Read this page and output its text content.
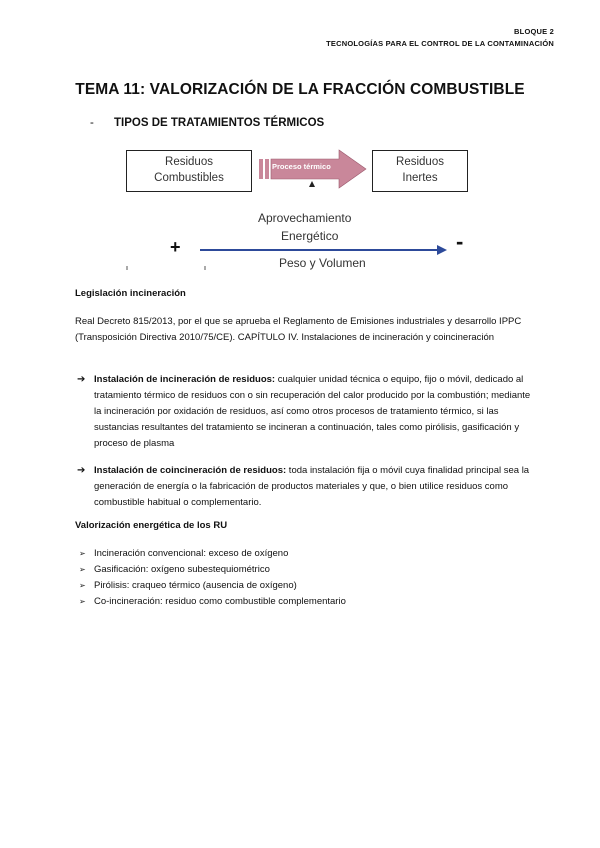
BLOQUE 2
TECNOLOGÍAS PARA EL CONTROL DE LA CONTAMINACIÓN
TEMA 11: VALORIZACIÓN DE LA FRACCIÓN COMBUSTIBLE
- TIPOS DE TRATAMIENTOS TÉRMICOS
Residuos
Combustibles
Proceso térmico	Residuos
Inertes
Aprovechamiento
Energético
Peso y Volumen
+	-
Legislación incineración
Real Decreto 815/2013, por el que se aprueba el Reglamento de Emisiones industriales y desarrollo IPPC (Transposición Directiva 2010/75/CE). CAPÍTULO IV. Instalaciones de incineración y coincineración
➔ Instalación de incineración de residuos: cualquier unidad técnica o equipo, fijo o móvil, dedicado al tratamiento térmico de residuos con o sin recuperación del calor producido por la combustión; mediante la incineración por oxidación de residuos, así como otros procesos de tratamiento térmico, si las sustancias resultantes del tratamiento se incineran a continuación, tales como pirólisis, gasificación y proceso de plasma
➔ Instalación de coincineración de residuos: toda instalación fija o móvil cuya finalidad principal sea la generación de energía o la fabricación de productos materiales y que, o bien utilice residuos como combustible habitual o complementario.
Valorización energética de los RU
➢ Incineración convencional: exceso de oxígeno
➢ Gasificación: oxígeno subestequiométrico
➢ Pirólisis: craqueo térmico (ausencia de oxígeno)
➢ Co-incineración: residuo como combustible complementario
